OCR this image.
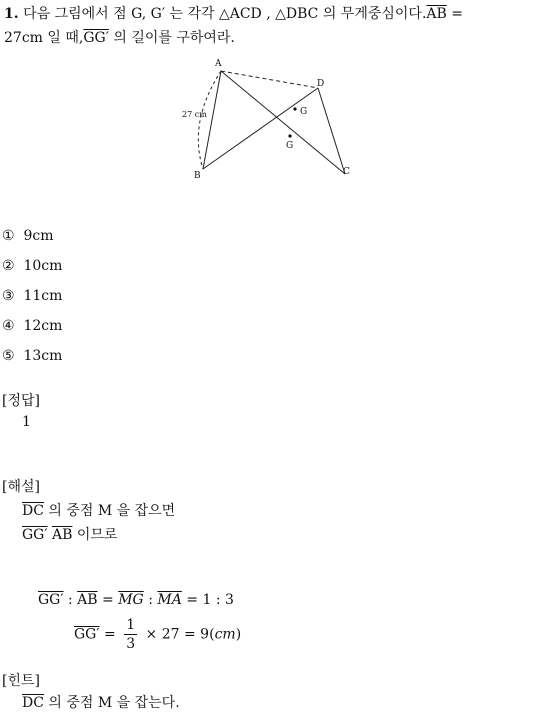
1. 다음 그림에서 점 G, G′ 는 각각 △ACD , △DBC 의 무게중심이다$.\overline{AB}$ =
27cm 일 때,GG′ 의 길이를 구하여라.
A
D
G
G
B	C
27 cm
① 9cm
② 10cm
③ 11cm
④ 12cm
⑤ 13cm
[정답]
1
[해설]
$\overline{DC}$ 의 중점 M 을 잡으면
GG′ $\overline{AB}$ 이므로
GG′ : $\overline{AB} = \overline{MG}$ : $\overline{MA} = 1$ : 3
$GG' = \frac{1}{3} \times 27 = 9(cm)$
[힌트]
$\overline{DC}$ 의 중점 M 을 잡는다.
